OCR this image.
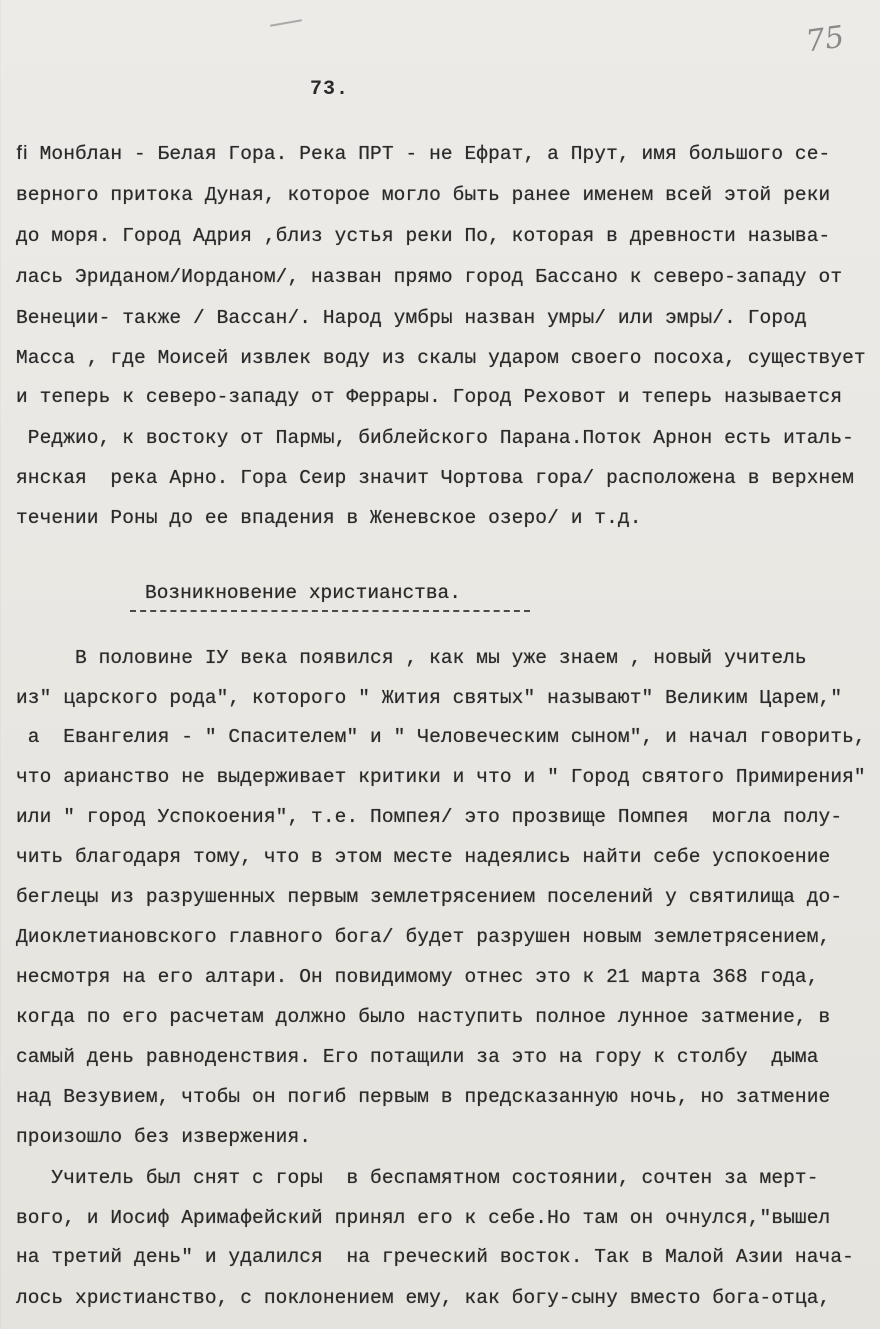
75
73.
ﬁ Монблан - Белая Гора. Река ПРТ - не Ефрат, а Прут, имя большого се-
верного притока Дуная, которое могло быть ранее именем всей этой реки
до моря. Город Адрия ,близ устья реки По, которая в древности называ-
лась Эриданом/Иорданом/, назван прямо город Бассано к северо-западу от
Венеции- также / Вассан/. Народ умбры назван умры/ или эмры/. Город
Масса , где Моисей извлек воду из скалы ударом своего посоха, существует
и теперь к северо-западу от Феррары. Город Реховот и теперь называется
Реджио, к востоку от Пармы, библейского Парана.Поток Арнон есть италь-
янская  река Арно. Гора Сеир значит Чортова гора/ расположена в верхнем
течении Роны до ее впадения в Женевское озеро/ и т.д.
Возникновение христианства.
В половине IУ века появился , как мы уже знаем , новый учитель
из" царского рода", которого " Жития святых" называют" Великим Царем,"
а  Евангелия - " Спасителем" и " Человеческим сыном", и начал говорить,
что арианство не выдерживает критики и что и " Город святого Примирения"
или " город Успокоения", т.е. Помпея/ это прозвище Помпея  могла полу-
чить благодаря тому, что в этом месте надеялись найти себе успокоение
беглецы из разрушенных первым землетрясением поселений у святилища до-
Диоклетиановского главного бога/ будет разрушен новым землетрясением,
несмотря на его алтари. Он повидимому отнес это к 21 марта 368 года,
когда по его расчетам должно было наступить полное лунное затмение, в
самый день равноденствия. Его потащили за это на гору к столбу  дыма
над Везувием, чтобы он погиб первым в предсказанную ночь, но затмение
произошло без извержения.
Учитель был снят с горы  в беспамятном состоянии, сочтен за мерт-
вого, и Иосиф Аримафейский принял его к себе.Но там он очнулся,"вышел
на третий день" и удалился  на греческий восток. Так в Малой Азии нача-
лось христианство, с поклонением ему, как богу-сыну вместо бога-отца,
